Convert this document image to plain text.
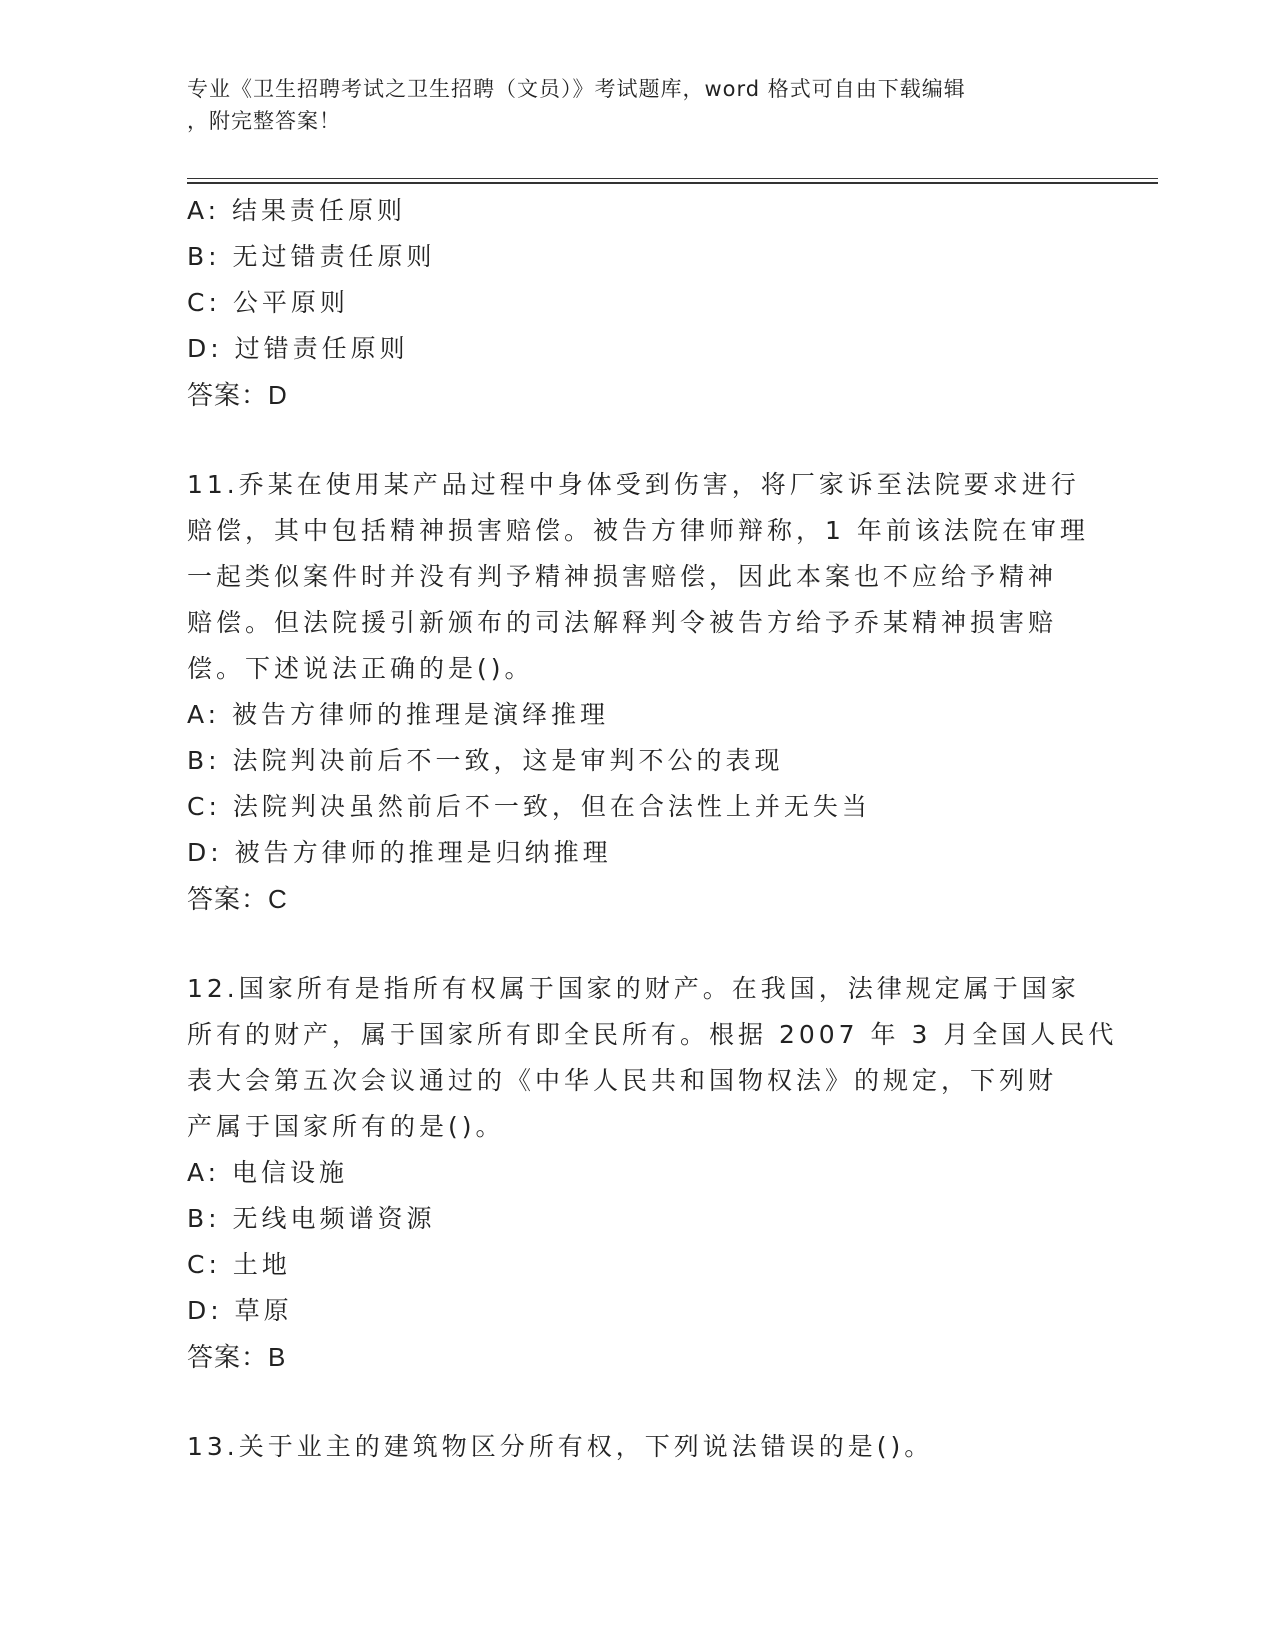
专业《卫生招聘考试之卫生招聘（文员）》考试题库，word 格式可自由下载编辑
，附完整答案！
A: 结果责任原则
B: 无过错责任原则
C: 公平原则
D: 过错责任原则
答案：D
11.乔某在使用某产品过程中身体受到伤害，将厂家诉至法院要求进行
赔偿，其中包括精神损害赔偿。被告方律师辩称，1 年前该法院在审理
一起类似案件时并没有判予精神损害赔偿，因此本案也不应给予精神
赔偿。但法院援引新颁布的司法解释判令被告方给予乔某精神损害赔
偿。下述说法正确的是()。
A: 被告方律师的推理是演绎推理
B: 法院判决前后不一致，这是审判不公的表现
C: 法院判决虽然前后不一致，但在合法性上并无失当
D: 被告方律师的推理是归纳推理
答案：C
12.国家所有是指所有权属于国家的财产。在我国，法律规定属于国家
所有的财产，属于国家所有即全民所有。根据 2007 年 3 月全国人民代
表大会第五次会议通过的《中华人民共和国物权法》的规定，下列财
产属于国家所有的是()。
A: 电信设施
B: 无线电频谱资源
C: 土地
D: 草原
答案：B
13.关于业主的建筑物区分所有权，下列说法错误的是()。
